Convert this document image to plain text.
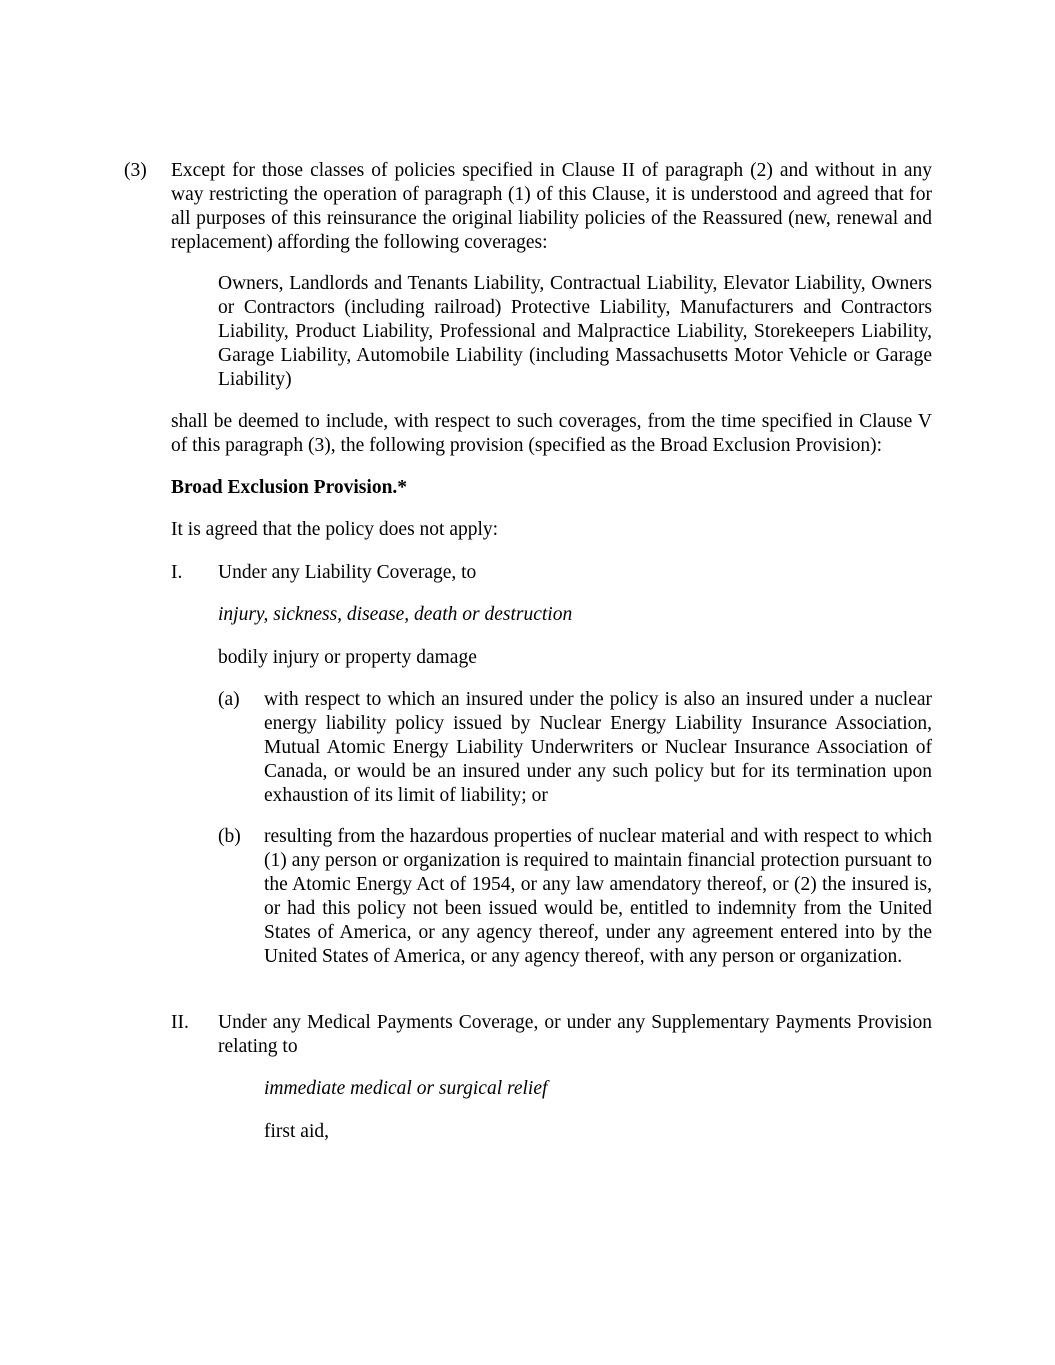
(3) Except for those classes of policies specified in Clause II of paragraph (2) and without in any way restricting the operation of paragraph (1) of this Clause, it is understood and agreed that for all purposes of this reinsurance the original liability policies of the Reassured (new, renewal and replacement) affording the following coverages:

Owners, Landlords and Tenants Liability, Contractual Liability, Elevator Liability, Owners or Contractors (including railroad) Protective Liability, Manufacturers and Contractors Liability, Product Liability, Professional and Malpractice Liability, Storekeepers Liability, Garage Liability, Automobile Liability (including Massachusetts Motor Vehicle or Garage Liability)

shall be deemed to include, with respect to such coverages, from the time specified in Clause V of this paragraph (3), the following provision (specified as the Broad Exclusion Provision):

Broad Exclusion Provision.*

It is agreed that the policy does not apply:

I. Under any Liability Coverage, to

injury, sickness, disease, death or destruction

bodily injury or property damage

(a) with respect to which an insured under the policy is also an insured under a nuclear energy liability policy issued by Nuclear Energy Liability Insurance Association, Mutual Atomic Energy Liability Underwriters or Nuclear Insurance Association of Canada, or would be an insured under any such policy but for its termination upon exhaustion of its limit of liability; or

(b) resulting from the hazardous properties of nuclear material and with respect to which (1) any person or organization is required to maintain financial protection pursuant to the Atomic Energy Act of 1954, or any law amendatory thereof, or (2) the insured is, or had this policy not been issued would be, entitled to indemnity from the United States of America, or any agency thereof, under any agreement entered into by the United States of America, or any agency thereof, with any person or organization.

II. Under any Medical Payments Coverage, or under any Supplementary Payments Provision relating to

immediate medical or surgical relief

first aid,
